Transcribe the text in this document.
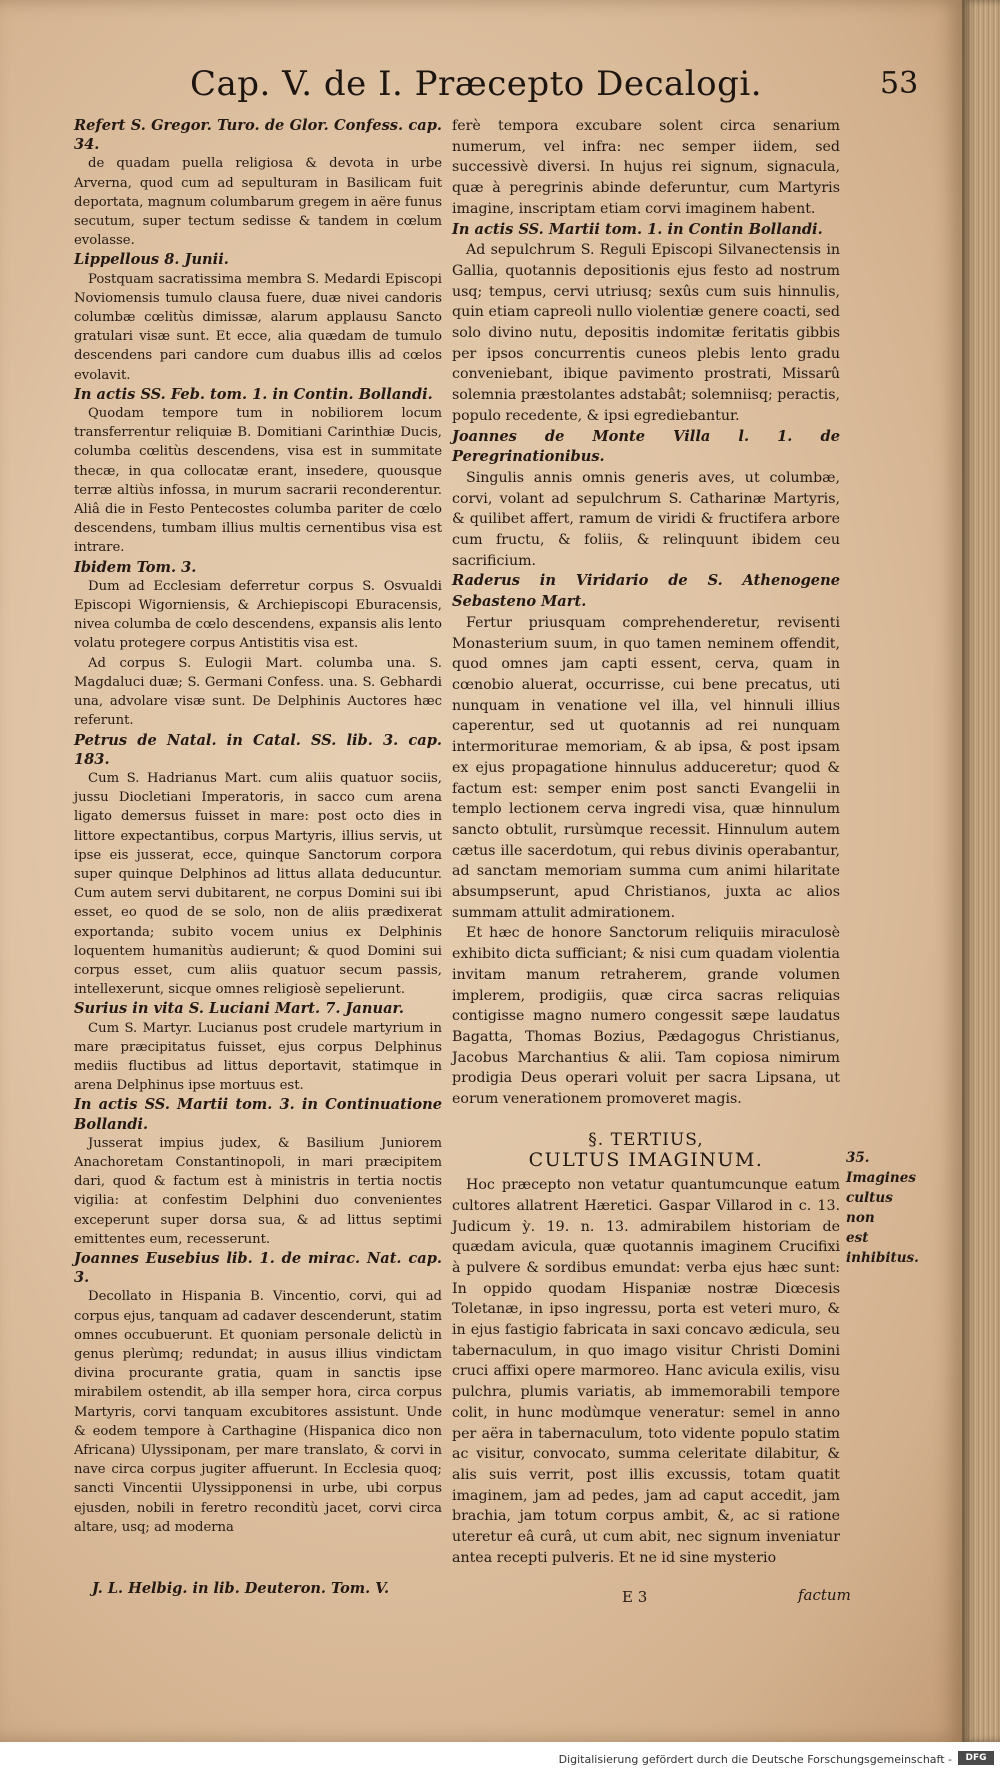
Cap. V. de I. Præcepto Decalogi.	53

Refert S. Gregor. Turo. de Glor. Confess. cap. 34.

de quadam puella religiosa & devota in urbe Arverna, quod cum ad sepulturam in Basilicam fuit deportata, magnum columbarum gregem in aëre funus secutum, super tectum sedisse & tandem in cœlum evolasse.

Lippellous 8. Junii.

Postquam sacratissima membra S. Medardi Episcopi Noviomensis tumulo clausa fuere, duæ nivei candoris columbæ cœlitùs dimissæ, alarum applausu Sancto gratulari visæ sunt. Et ecce, alia quædam de tumulo descendens pari candore cum duabus illis ad cœlos evolavit.

In actis SS. Feb. tom. 1. in Contin. Bollandi.

Quodam tempore tum in nobiliorem locum transferrentur reliquiæ B. Domitiani Carinthiæ Ducis, columba cœlitùs descendens, visa est in summitate thecæ, in qua collocatæ erant, insedere, quousque terræ altiùs infossa, in murum sacrarii reconderentur. Aliâ die in Festo Pentecostes columba pariter de cœlo descendens, tumbam illius multis cernentibus visa est intrare.

Ibidem Tom. 3.

Dum ad Ecclesiam deferretur corpus S. Osvualdi Episcopi Wigorniensis, & Archiepiscopi Eburacensis, nivea columba de cœlo descendens, expansis alis lento volatu protegere corpus Antistitis visa est.

Ad corpus S. Eulogii Mart. columba una. S. Magdaluci duæ; S. Germani Confess. una. S. Gebhardi una, advolare visæ sunt. De Delphinis Auctores hæc referunt.

Petrus de Natal. in Catal. SS. lib. 3. cap. 183.

Cum S. Hadrianus Mart. cum aliis quatuor sociis, jussu Diocletiani Imperatoris, in sacco cum arena ligato demersus fuisset in mare: post octo dies in littore expectantibus, corpus Martyris, illius servis, ut ipse eis jusserat, ecce, quinque Sanctorum corpora super quinque Delphinos ad littus allata deducuntur. Cum autem servi dubitarent, ne corpus Domini sui ibi esset, eo quod de se solo, non de aliis prædixerat exportanda; subito vocem unius ex Delphinis loquentem humanitùs audierunt; & quod Domini sui corpus esset, cum aliis quatuor secum passis, intellexerunt, sicque omnes religiosè sepelierunt.

Surius in vita S. Luciani Mart. 7. Januar.

Cum S. Martyr. Lucianus post crudele martyrium in mare præcipitatus fuisset, ejus corpus Delphinus mediis fluctibus ad littus deportavit, statimque in arena Delphinus ipse mortuus est.

In actis SS. Martii tom. 3. in Continuatione Bollandi.

Jusserat impius judex, & Basilium Juniorem Anachoretam Constantinopoli, in mari præcipitem dari, quod & factum est à ministris in tertia noctis vigilia: at confestim Delphini duo convenientes exceperunt super dorsa sua, & ad littus septimi emittentes eum, recesserunt.

Joannes Eusebius lib. 1. de mirac. Nat. cap. 3.

Decollato in Hispania B. Vincentio, corvi, qui ad corpus ejus, tanquam ad cadaver descenderunt, statim omnes occubuerunt. Et quoniam personale delictù in genus plerùmq; redundat; in ausus illius vindictam divina procurante gratia, quam in sanctis ipse mirabilem ostendit, ab illa semper hora, circa corpus Martyris, corvi tanquam excubitores assistunt. Unde & eodem tempore à Carthagine (Hispanica dico non Africana) Ulyssiponam, per mare translato, & corvi in nave circa corpus jugiter affuerunt. In Ecclesia quoq; sancti Vincentii Ulyssipponensi in urbe, ubi corpus ejusden, nobili in feretro reconditù jacet, corvi circa altare, usq; ad moderna

ferè tempora excubare solent circa senarium numerum, vel infra: nec semper iidem, sed successivè diversi. In hujus rei signum, signacula, quæ à peregrinis abinde deferuntur, cum Martyris imagine, inscriptam etiam corvi imaginem habent.

In actis SS. Martii tom. 1. in Contin Bollandi.

Ad sepulchrum S. Reguli Episcopi Silvanectensis in Gallia, quotannis depositionis ejus festo ad nostrum usq; tempus, cervi utriusq; sexûs cum suis hinnulis, quin etiam capreoli nullo violentiæ genere coacti, sed solo divino nutu, depositis indomitæ feritatis gibbis per ipsos concurrentis cuneos plebis lento gradu conveniebant, ibique pavimento prostrati, Missarû solemnia præstolantes adstabât; solemniisq; peractis, populo recedente, & ipsi egrediebantur.

Joannes de Monte Villa l. 1. de Peregrinationibus.

Singulis annis omnis generis aves, ut columbæ, corvi, volant ad sepulchrum S. Catharinæ Martyris, & quilibet affert, ramum de viridi & fructifera arbore cum fructu, & foliis, & relinquunt ibidem ceu sacrificium.

Raderus in Viridario de S. Athenogene Sebasteno Mart.

Fertur priusquam comprehenderetur, revisenti Monasterium suum, in quo tamen neminem offendit, quod omnes jam capti essent, cerva, quam in cœnobio aluerat, occurrisse, cui bene precatus, uti nunquam in venatione vel illa, vel hinnuli illius caperentur, sed ut quotannis ad rei nunquam intermoriturae memoriam, & ab ipsa, & post ipsam ex ejus propagatione hinnulus adduceretur; quod & factum est: semper enim post sancti Evangelii in templo lectionem cerva ingredi visa, quæ hinnulum sancto obtulit, rursùmque recessit. Hinnulum autem cætus ille sacerdotum, qui rebus divinis operabantur, ad sanctam memoriam summa cum animi hilaritate absumpserunt, apud Christianos, juxta ac alios summam attulit admirationem.

Et hæc de honore Sanctorum reliquiis miraculosè exhibito dicta sufficiant; & nisi cum quadam violentia invitam manum retraherem, grande volumen implerem, prodigiis, quæ circa sacras reliquias contigisse magno numero congessit sæpe laudatus Bagatta, Thomas Bozius, Pædagogus Christianus, Jacobus Marchantius & alii. Tam copiosa nimirum prodigia Deus operari voluit per sacra Lipsana, ut eorum venerationem promoveret magis.

§. TERTIUS,

CULTUS IMAGINUM.

Hoc præcepto non vetatur quantumcunque eatum cultores allatrent Hæretici. Gaspar Villarod in c. 13. Judicum ỳ. 19. n. 13. admirabilem historiam de quædam avicula, quæ quotannis imaginem Crucifixi à pulvere & sordibus emundat: verba ejus hæc sunt: In oppido quodam Hispaniæ nostræ Diœcesis Toletanæ, in ipso ingressu, porta est veteri muro, & in ejus fastigio fabricata in saxi concavo ædicula, seu tabernaculum, in quo imago visitur Christi Domini cruci affixi opere marmoreo. Hanc avicula exilis, visu pulchra, plumis variatis, ab immemorabili tempore colit, in hunc modùmque veneratur: semel in anno per aëra in tabernaculum, toto vidente populo statim ac visitur, convocato, summa celeritate dilabitur, & alis suis verrit, post illis excussis, totam quatit imaginem, jam ad pedes, jam ad caput accedit, jam brachia, jam totum corpus ambit, &, ac si ratione uteretur eâ curâ, ut cum abit, nec signum inveniatur antea recepti pulveris. Et ne id sine mysterio

35.
Imagines cultus non est inhibitus.
J. L. Helbig. in lib. Deuteron. Tom. V.	E 3	factum
Digitalisierung gefördert durch die Deutsche Forschungsgemeinschaft -	DFG
